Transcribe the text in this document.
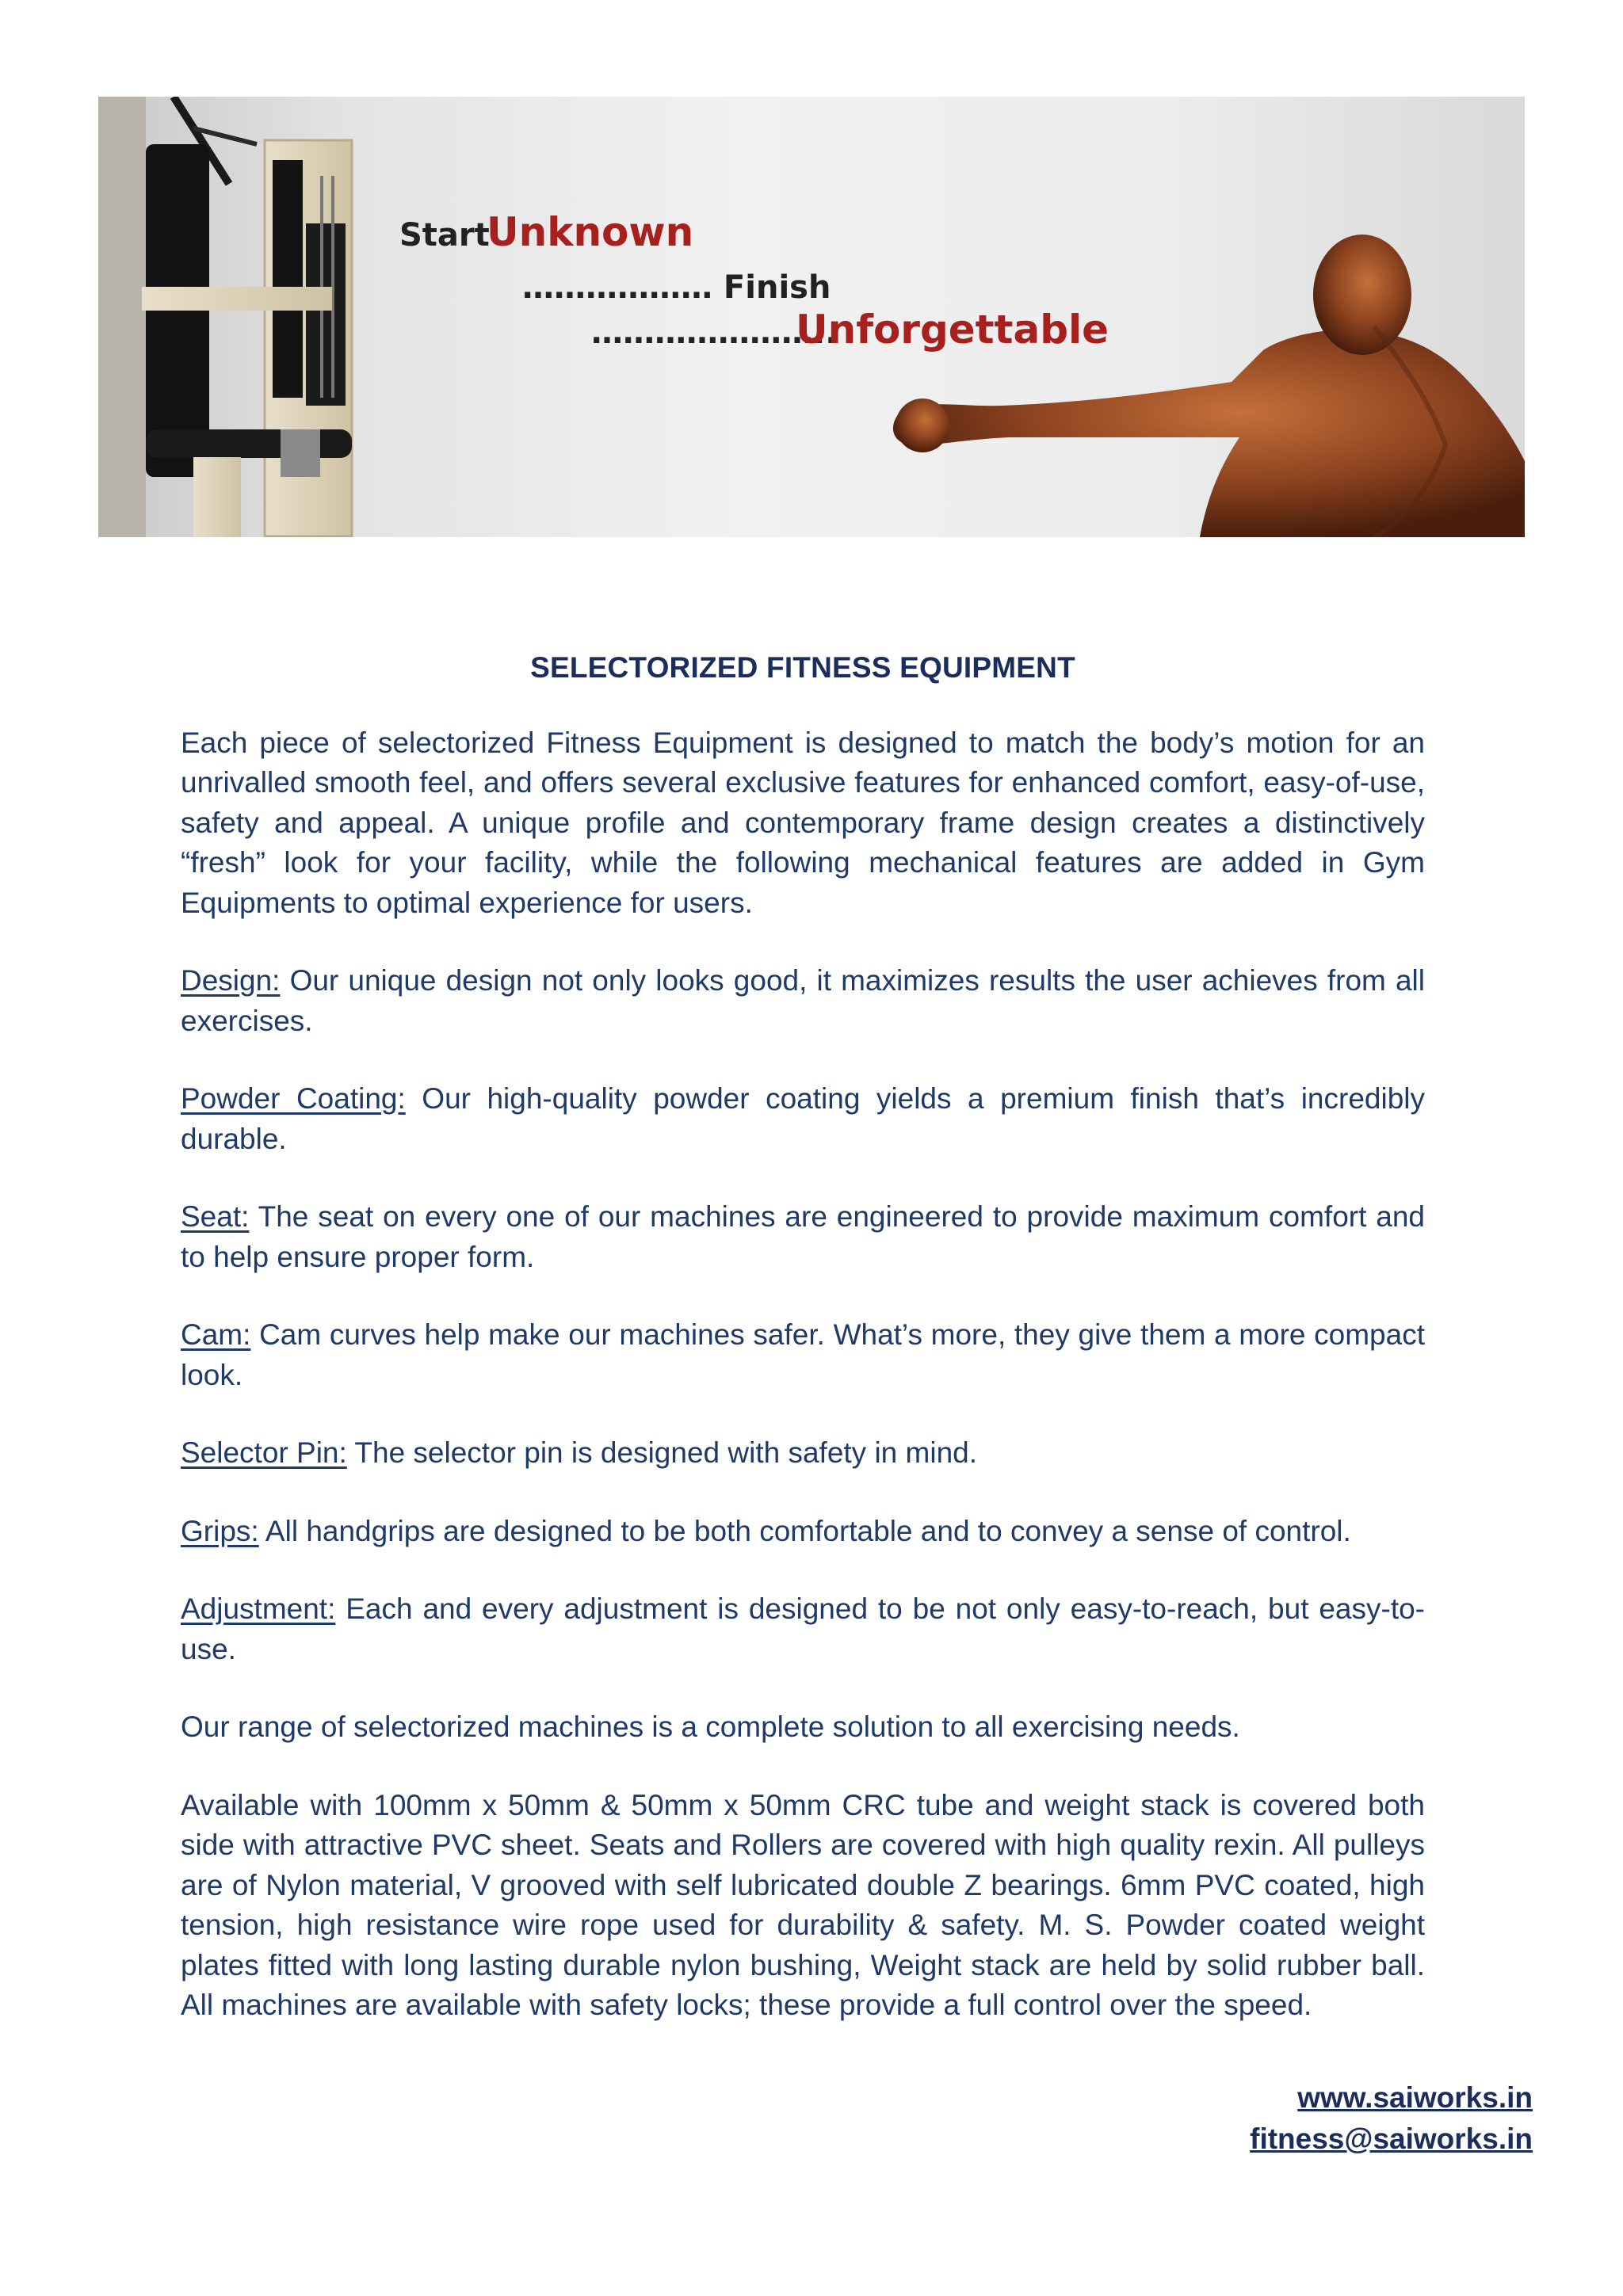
Start
Unknown
……………… Finish
…………………..
Unforgettable
SELECTORIZED FITNESS EQUIPMENT

Each piece of selectorized Fitness Equipment is designed to match the body’s motion for an unrivalled smooth feel, and offers several exclusive features for enhanced comfort, easy-of-use, safety and appeal. A unique profile and contemporary frame design creates a distinctively “fresh” look for your facility, while the following mechanical features are added in Gym Equipments to optimal experience for users.

Design: Our unique design not only looks good, it maximizes results the user achieves from all exercises.

Powder Coating: Our high-quality powder coating yields a premium finish that’s incredibly durable.

Seat: The seat on every one of our machines are engineered to provide maximum comfort and to help ensure proper form.

Cam: Cam curves help make our machines safer. What’s more, they give them a more compact look.

Selector Pin: The selector pin is designed with safety in mind.

Grips: All handgrips are designed to be both comfortable and to convey a sense of control.

Adjustment: Each and every adjustment is designed to be not only easy-to-reach, but easy-to-use.

Our range of selectorized machines is a complete solution to all exercising needs.

Available with 100mm x 50mm & 50mm x 50mm CRC tube and weight stack is covered both side with attractive PVC sheet. Seats and Rollers are covered with high quality rexin. All pulleys are of Nylon material, V grooved with self lubricated double Z bearings. 6mm PVC coated, high tension, high resistance wire rope used for durability & safety. M. S. Powder coated weight plates fitted with long lasting durable nylon bushing, Weight stack are held by solid rubber ball. All machines are available with safety locks; these provide a full control over the speed.

www.saiworks.in
fitness@saiworks.in
